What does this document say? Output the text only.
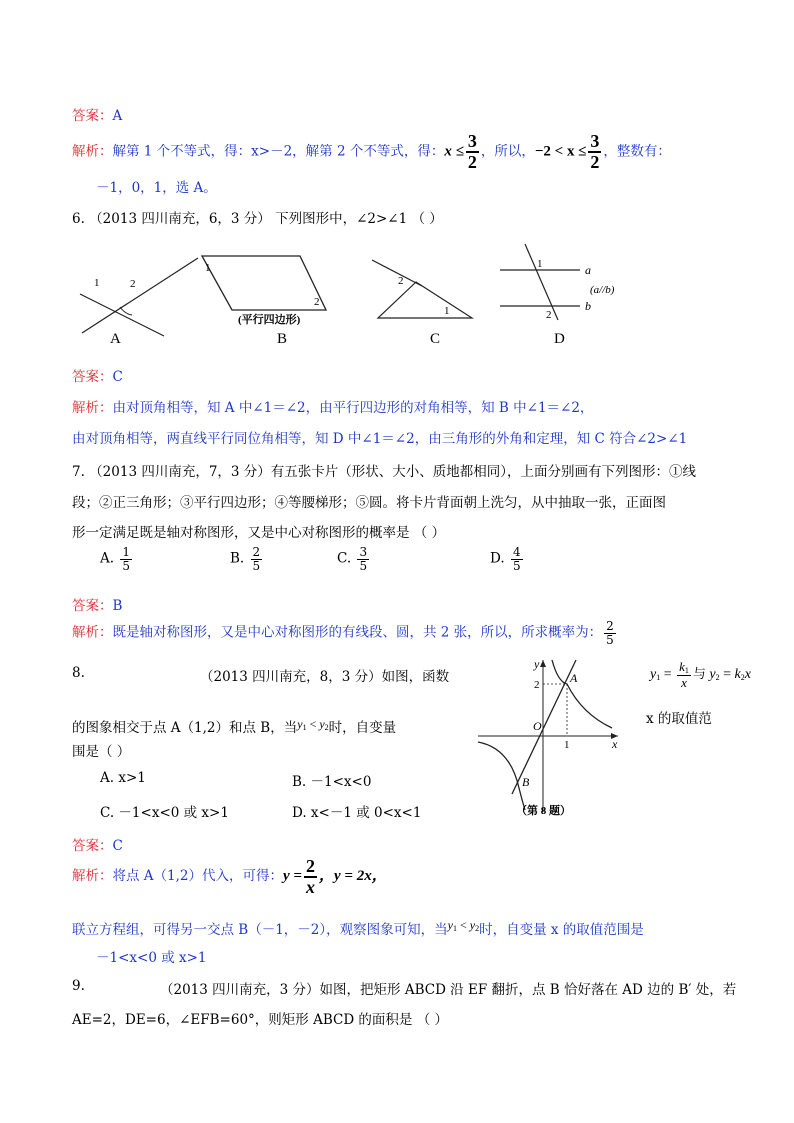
答案：A
解析：解第 1 个不等式，得：x>－2，解第 2 个不等式，得：$x \le \frac{3}{2}$ ，所以，$-2 < x \le \frac{3}{2}$ ，整数有：
－1，0，1，选 A。
6. （2013 四川南充，6，3 分） 下列图形中，∠2>∠1 （ ）
1	2
A
1
2
(平行四边形)
B
2
1
C
1
2
a
(a//b)
b
D
答案：C
解析：由对顶角相等，知 A 中∠1＝∠2，由平行四边形的对角相等，知 B 中∠1＝∠2，
由对顶角相等，两直线平行同位角相等，知 D 中∠1＝∠2，由三角形的外角和定理，知 C 符合∠2>∠1
7. （2013 四川南充，7，3 分）有五张卡片（形状、大小、质地都相同），上面分别画有下列图形：①线
段；②正三角形；③平行四边形；④等腰梯形；⑤圆。将卡片背面朝上洗匀，从中抽取一张，正面图
形一定满足既是轴对称图形，又是中心对称图形的概率是 （ ）
A. $\frac{1}{5}$	B. $\frac{2}{5}$	C. $\frac{3}{5}$	D. $\frac{4}{5}$
答案：B
解析：既是轴对称图形，又是中心对称图形的有线段、圆，共 2 张，所以，所求概率为： $\frac{2}{5}$
8.	（2013 四川南充，8，3 分）如图，函数	$y_1 = \frac{k_1}{x}$ 与 $y_2 = k_2x$
的图象相交于点 A（1,2）和点 B，当$y_1 < y_2$时，自变量
x 的取值范
围是（ ）
A. x>1	B. －1<x<0
C. －1<x<0 或 x>1	D. x<－1 或 0<x<1
y
x
O
2
1
A
B
（第 8 题）
答案：C
解析：将点 A（1,2）代入，可得：$y = \frac{2}{x}$ ，y = 2x，
联立方程组，可得另一交点 B（－1，－2），观察图象可知，当$y_1 < y_2$时，自变量 x 的取值范围是
－1<x<0 或 x>1
9.	（2013 四川南充，3 分）如图，把矩形 ABCD 沿 EF 翻折，点 B 恰好落在 AD 边的 B′ 处，若
AE=2，DE=6，∠EFB=60°，则矩形 ABCD 的面积是 （ ）
